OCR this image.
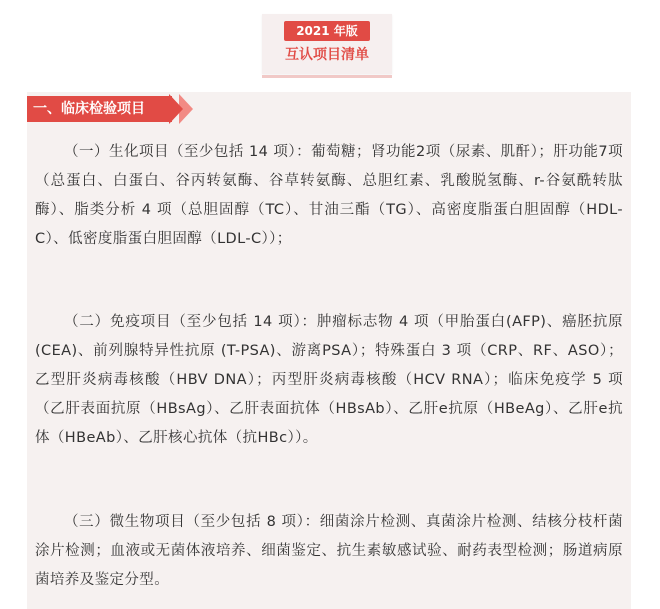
2021 年版
互认项目清单
一、临床检验项目

（一）生化项目（至少包括 14 项）：葡萄糖；肾功能2项（尿素、肌酐）；肝功能7项（总蛋白、白蛋白、谷丙转氨酶、谷草转氨酶、总胆红素、乳酸脱氢酶、r-谷氨酰转肽酶）、脂类分析 4 项（总胆固醇（TC）、甘油三酯（TG）、高密度脂蛋白胆固醇（HDL-C）、低密度脂蛋白胆固醇（LDL-C））；

（二）免疫项目（至少包括 14 项）：肿瘤标志物 4 项（甲胎蛋白(AFP)、癌胚抗原 (CEA)、前列腺特异性抗原 (T-PSA)、游离PSA）；特殊蛋白 3 项（CRP、RF、ASO）；乙型肝炎病毒核酸（HBV DNA）；丙型肝炎病毒核酸（HCV RNA）；临床免疫学 5 项（乙肝表面抗原（HBsAg）、乙肝表面抗体（HBsAb）、乙肝e抗原（HBeAg）、乙肝e抗体（HBeAb）、乙肝核心抗体（抗HBc））。

（三）微生物项目（至少包括 8 项）：细菌涂片检测、真菌涂片检测、结核分枝杆菌涂片检测；血液或无菌体液培养、细菌鉴定、抗生素敏感试验、耐药表型检测；肠道病原菌培养及鉴定分型。
